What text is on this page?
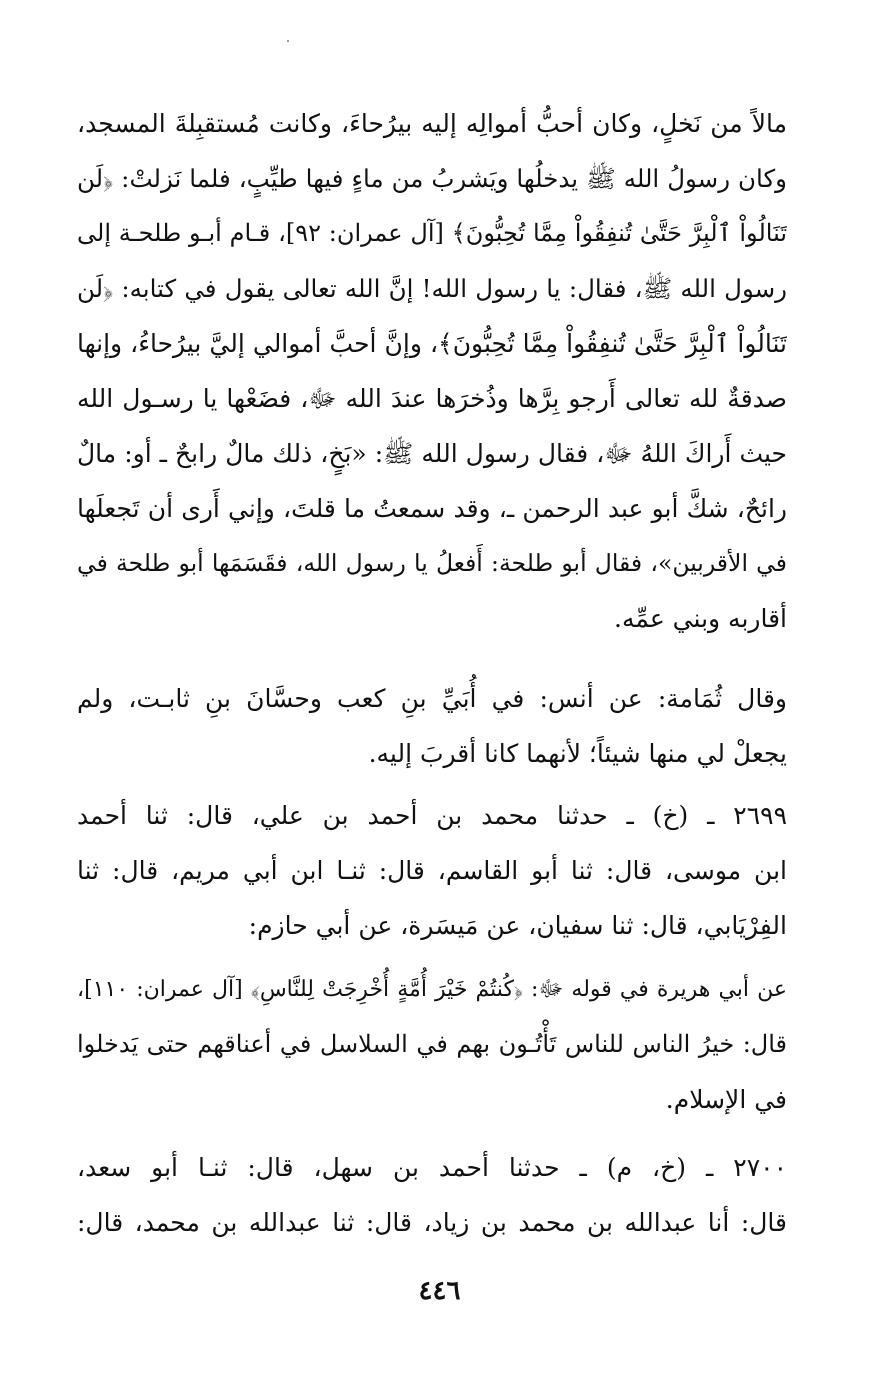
مالاً من نَخلٍ، وكان أحبُّ أموالِه إليه بيرُحاءَ، وكانت مُستقبِلةَ المسجد،
وكان رسولُ الله ﷺ يدخلُها ويَشربُ من ماءٍ فيها طيِّبٍ، فلما نَزلتْ: ﴿لَن
تَنَالُواْ ٱلْبِرَّ حَتَّىٰ تُنفِقُواْ مِمَّا تُحِبُّونَ﴾ [آل عمران: ٩٢]، قـام أبـو طلحـة إلى
رسول الله ﷺ، فقال: يا رسول الله! إنَّ الله تعالى يقول في كتابه: ﴿لَن
تَنَالُواْ ٱلْبِرَّ حَتَّىٰ تُنفِقُواْ مِمَّا تُحِبُّونَ﴾، وإنَّ أحبَّ أموالي إليَّ بيرُحاءُ، وإنها
صدقةٌ لله تعالى أَرجو بِرَّها وذُخرَها عندَ الله ﷻ، فضَعْها يا رسـول الله
حيث أَراكَ اللهُ ﷻ، فقال رسول الله ﷺ: «بَخٍ، ذلك مالٌ رابحٌ ـ أو: مالٌ
رائحٌ، شكَّ أبو عبد الرحمن ـ، وقد سمعتُ ما قلتَ، وإني أَرى أن تَجعلَها
في الأقربين»، فقال أبو طلحة: أَفعلُ يا رسول الله، فقَسَمَها أبو طلحة في
أقاربه وبني عمِّه.
وقال ثُمَامة: عن أنس: في أُبَيِّ بنِ كعب وحسَّانَ بنِ ثابـت، ولم
يجعلْ لي منها شيئاً؛ لأنهما كانا أقربَ إليه.
٢٦٩٩ ـ (خ) ـ حدثنا محمد بن أحمد بن علي، قال: ثنا أحمد
ابن موسى، قال: ثنا أبو القاسم، قال: ثنـا ابن أبي مريم، قال: ثنا
الفِرْيَابي، قال: ثنا سفيان، عن مَيسَرة، عن أبي حازم:
عن أبي هريرة في قوله ﷻ: ﴿كُنتُمْ خَيْرَ أُمَّةٍ أُخْرِجَتْ لِلنَّاسِ﴾ [آل عمران: ١١٠]،
قال: خيرُ الناس للناس تَأْتُـون بهم في السلاسل في أعناقهم حتى يَدخلوا
في الإسلام.
٢٧٠٠ ـ (خ، م) ـ حدثنا أحمد بن سهل، قال: ثنـا أبو سعد،
قال: أنا عبدالله بن محمد بن زياد، قال: ثنا عبدالله بن محمد، قال:
٤٤٦
